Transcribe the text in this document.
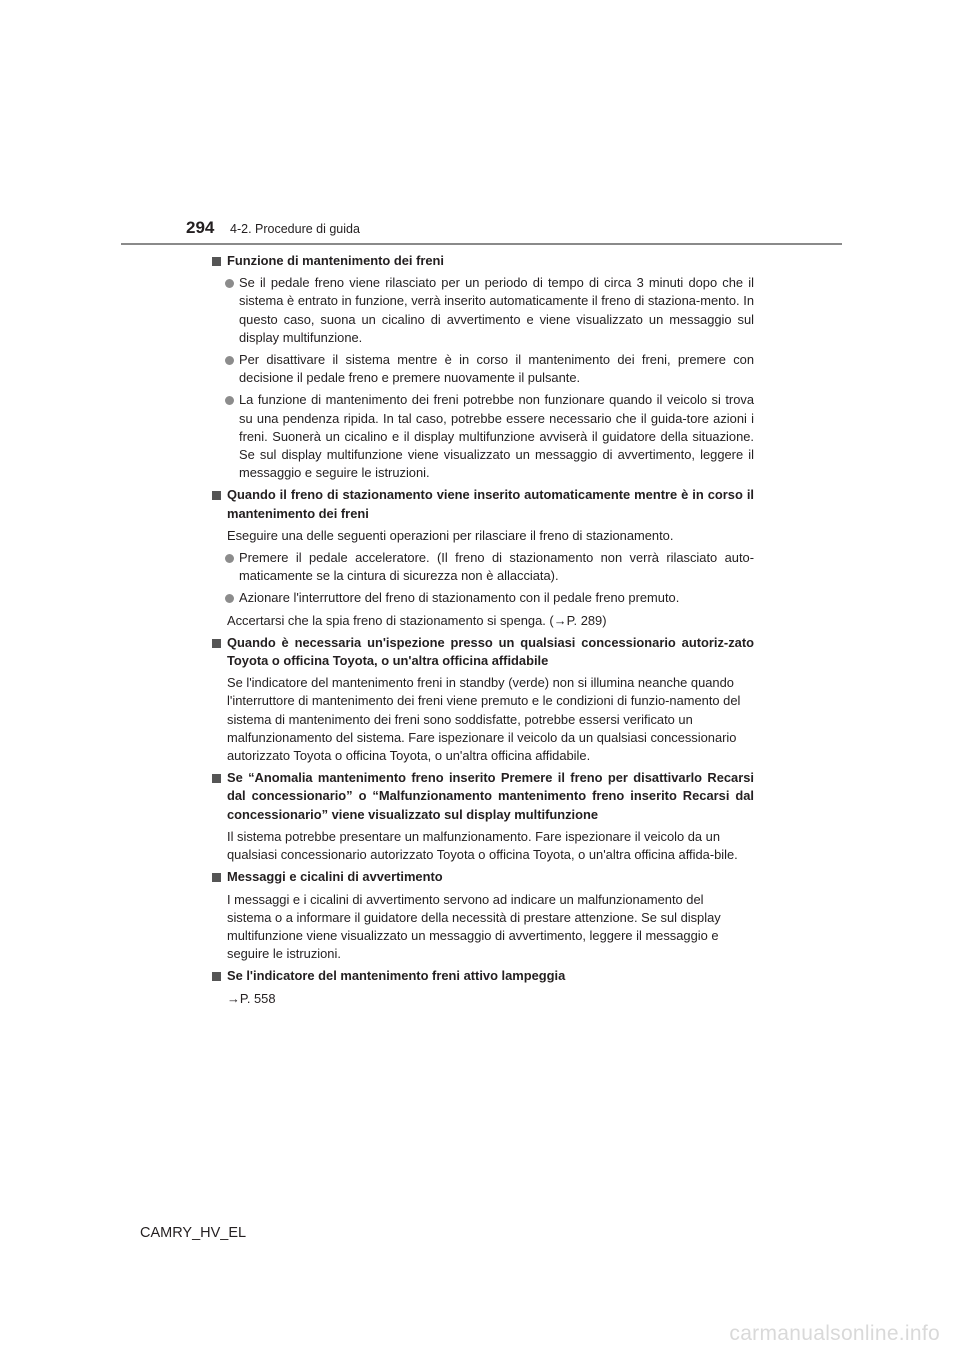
294 4-2. Procedure di guida
Funzione di mantenimento dei freni
Se il pedale freno viene rilasciato per un periodo di tempo di circa 3 minuti dopo che il sistema è entrato in funzione, verrà inserito automaticamente il freno di staziona-mento. In questo caso, suona un cicalino di avvertimento e viene visualizzato un messaggio sul display multifunzione.
Per disattivare il sistema mentre è in corso il mantenimento dei freni, premere con decisione il pedale freno e premere nuovamente il pulsante.
La funzione di mantenimento dei freni potrebbe non funzionare quando il veicolo si trova su una pendenza ripida. In tal caso, potrebbe essere necessario che il guida-tore azioni i freni. Suonerà un cicalino e il display multifunzione avviserà il guidatore della situazione. Se sul display multifunzione viene visualizzato un messaggio di avvertimento, leggere il messaggio e seguire le istruzioni.
Quando il freno di stazionamento viene inserito automaticamente mentre è in corso il mantenimento dei freni
Eseguire una delle seguenti operazioni per rilasciare il freno di stazionamento.
Premere il pedale acceleratore. (Il freno di stazionamento non verrà rilasciato auto-maticamente se la cintura di sicurezza non è allacciata).
Azionare l'interruttore del freno di stazionamento con il pedale freno premuto.
Accertarsi che la spia freno di stazionamento si spenga. (→P. 289)
Quando è necessaria un'ispezione presso un qualsiasi concessionario autoriz-zato Toyota o officina Toyota, o un'altra officina affidabile
Se l'indicatore del mantenimento freni in standby (verde) non si illumina neanche quando l'interruttore di mantenimento dei freni viene premuto e le condizioni di funzio-namento del sistema di mantenimento dei freni sono soddisfatte, potrebbe essersi verificato un malfunzionamento del sistema. Fare ispezionare il veicolo da un qualsiasi concessionario autorizzato Toyota o officina Toyota, o un'altra officina affidabile.
Se “Anomalia mantenimento freno inserito Premere il freno per disattivarlo Recarsi dal concessionario” o “Malfunzionamento mantenimento freno inserito Recarsi dal concessionario” viene visualizzato sul display multifunzione
Il sistema potrebbe presentare un malfunzionamento. Fare ispezionare il veicolo da un qualsiasi concessionario autorizzato Toyota o officina Toyota, o un'altra officina affida-bile.
Messaggi e cicalini di avvertimento
I messaggi e i cicalini di avvertimento servono ad indicare un malfunzionamento del sistema o a informare il guidatore della necessità di prestare attenzione. Se sul display multifunzione viene visualizzato un messaggio di avvertimento, leggere il messaggio e seguire le istruzioni.
Se l'indicatore del mantenimento freni attivo lampeggia
→P. 558
CAMRY_HV_EL
carmanualsonline.info
